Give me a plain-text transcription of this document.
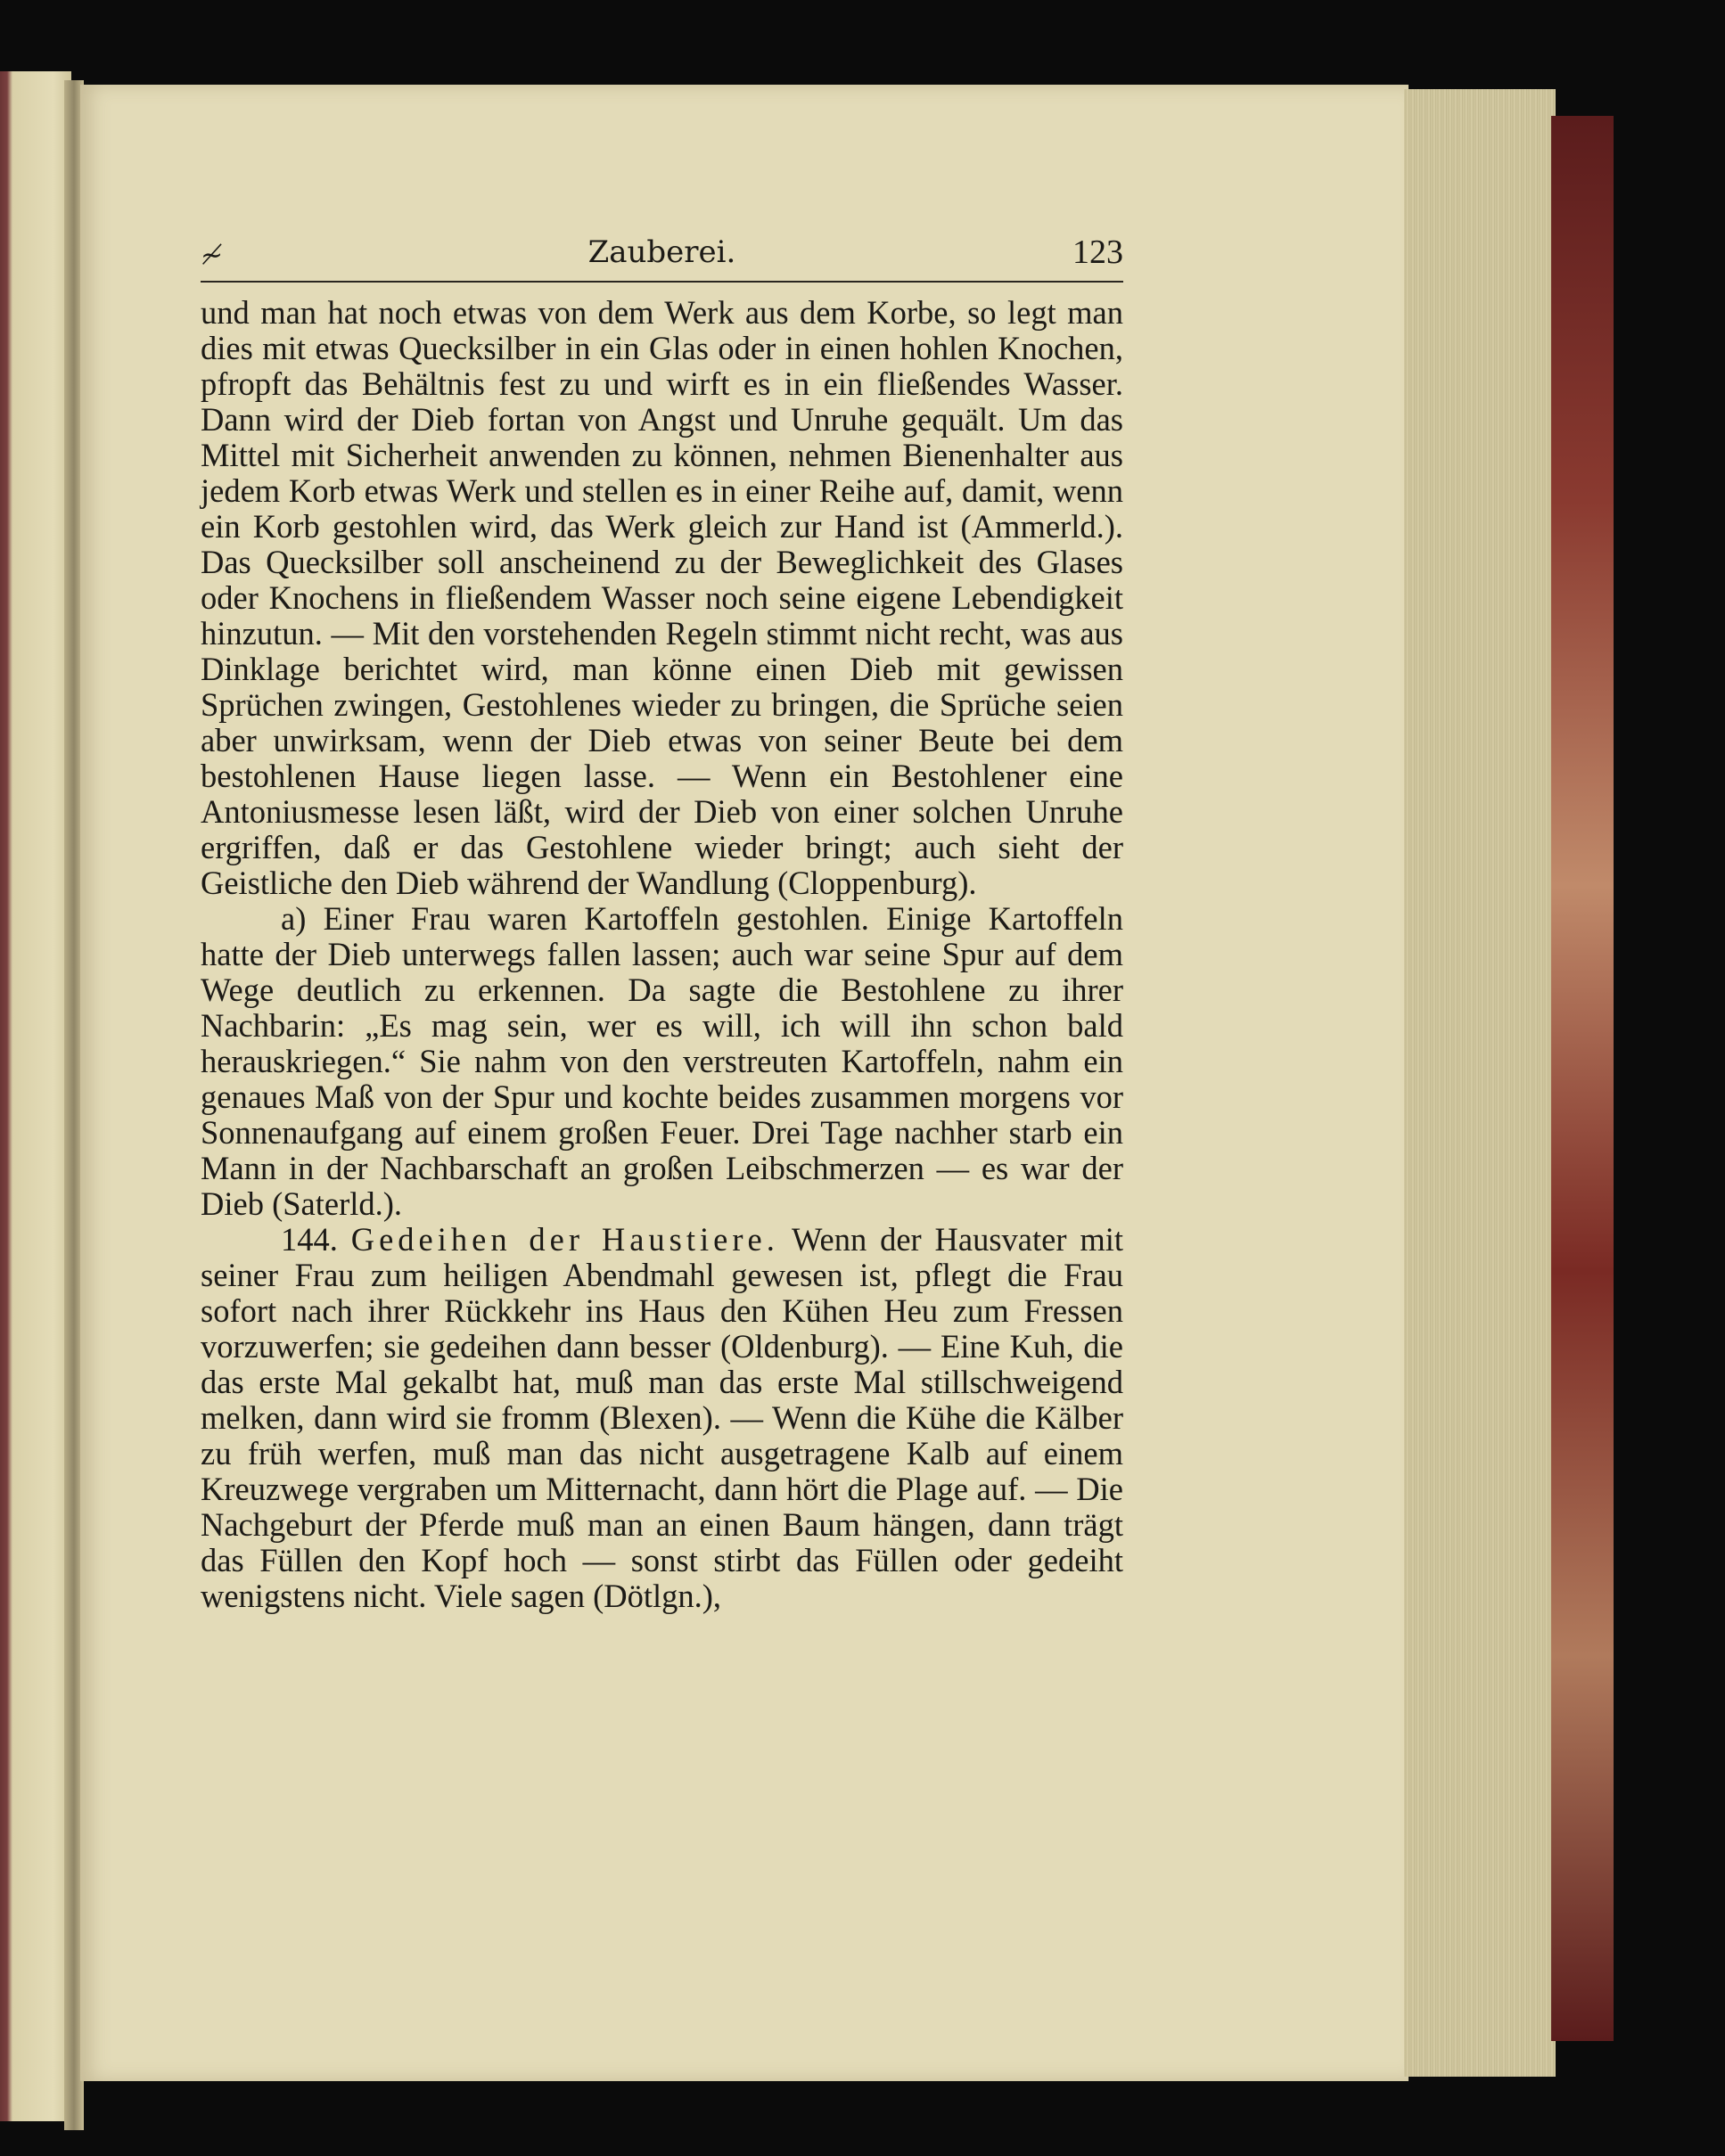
≁	Zauberei.	123

und man hat noch etwas von dem Werk aus dem Korbe, so legt man dies mit etwas Quecksilber in ein Glas oder in einen hohlen Knochen, pfropft das Behältnis fest zu und wirft es in ein fließendes Wasser. Dann wird der Dieb fortan von Angst und Unruhe gequält. Um das Mittel mit Sicherheit anwenden zu können, nehmen Bienenhalter aus jedem Korb etwas Werk und stellen es in einer Reihe auf, damit, wenn ein Korb gestohlen wird, das Werk gleich zur Hand ist (Ammerld.). Das Quecksilber soll anscheinend zu der Beweglichkeit des Glases oder Knochens in fließendem Wasser noch seine eigene Lebendigkeit hinzutun. — Mit den vorstehenden Regeln stimmt nicht recht, was aus Dinklage berichtet wird, man könne einen Dieb mit gewissen Sprüchen zwingen, Gestohlenes wieder zu bringen, die Sprüche seien aber unwirksam, wenn der Dieb etwas von seiner Beute bei dem bestohlenen Hause liegen lasse. — Wenn ein Bestohlener eine Antoniusmesse lesen läßt, wird der Dieb von einer solchen Unruhe ergriffen, daß er das Gestohlene wieder bringt; auch sieht der Geistliche den Dieb während der Wandlung (Cloppenburg).

a) Einer Frau waren Kartoffeln gestohlen. Einige Kartoffeln hatte der Dieb unterwegs fallen lassen; auch war seine Spur auf dem Wege deutlich zu erkennen. Da sagte die Bestohlene zu ihrer Nachbarin: „Es mag sein, wer es will, ich will ihn schon bald herauskriegen.“ Sie nahm von den verstreuten Kartoffeln, nahm ein genaues Maß von der Spur und kochte beides zusammen morgens vor Sonnenaufgang auf einem großen Feuer. Drei Tage nachher starb ein Mann in der Nachbarschaft an großen Leibschmerzen — es war der Dieb (Saterld.).

144. Gedeihen der Haustiere. Wenn der Hausvater mit seiner Frau zum heiligen Abendmahl gewesen ist, pflegt die Frau sofort nach ihrer Rückkehr ins Haus den Kühen Heu zum Fressen vorzuwerfen; sie gedeihen dann besser (Oldenburg). — Eine Kuh, die das erste Mal gekalbt hat, muß man das erste Mal stillschweigend melken, dann wird sie fromm (Blexen). — Wenn die Kühe die Kälber zu früh werfen, muß man das nicht ausgetragene Kalb auf einem Kreuzwege vergraben um Mitternacht, dann hört die Plage auf. — Die Nachgeburt der Pferde muß man an einen Baum hängen, dann trägt das Füllen den Kopf hoch — sonst stirbt das Füllen oder gedeiht wenigstens nicht. Viele sagen (Dötlgn.),
